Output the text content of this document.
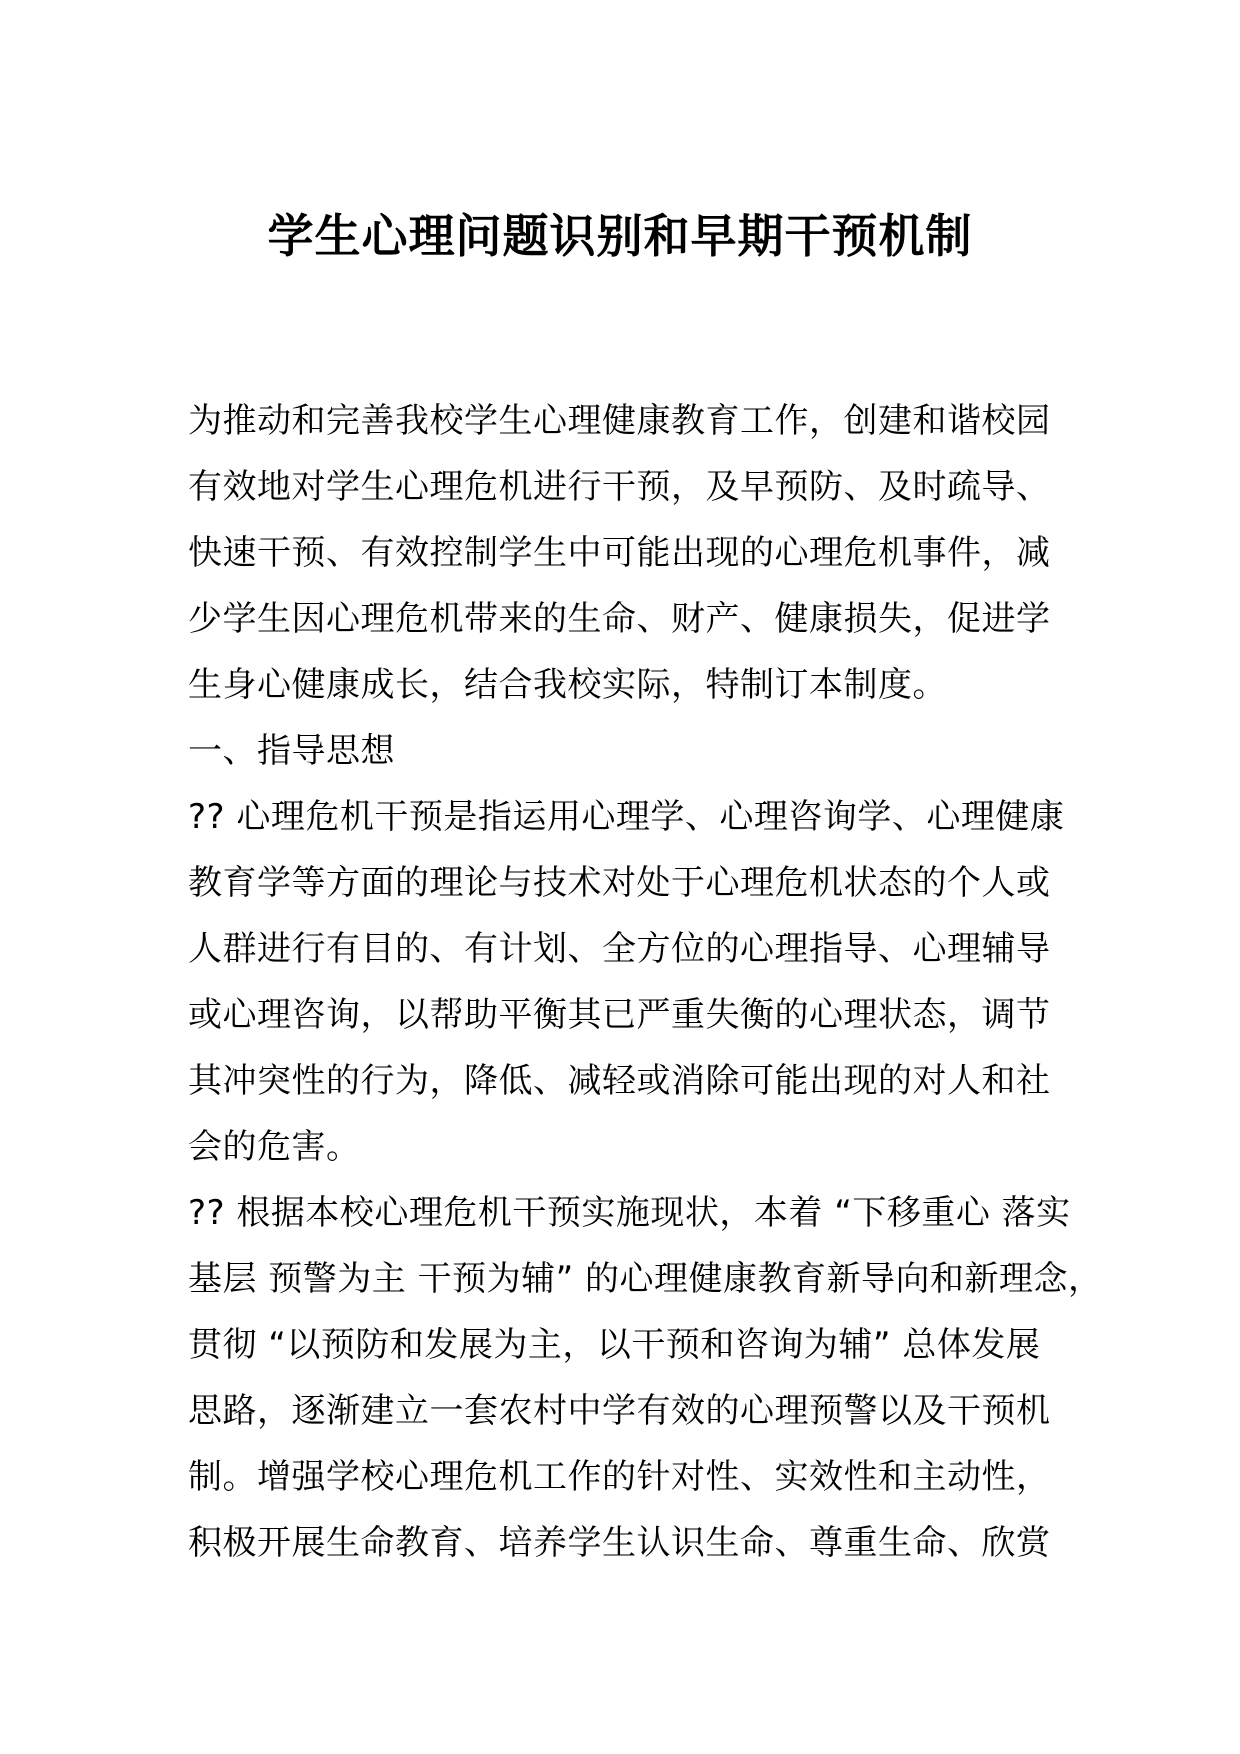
学生心理问题识别和早期干预机制
为推动和完善我校学生心理健康教育工作，创建和谐校园
有效地对学生心理危机进行干预，及早预防、及时疏导、
快速干预、有效控制学生中可能出现的心理危机事件，减
少学生因心理危机带来的生命、财产、健康损失，促进学
生身心健康成长，结合我校实际，特制订本制度。
一、指导思想
?? 心理危机干预是指运用心理学、心理咨询学、心理健康
教育学等方面的理论与技术对处于心理危机状态的个人或
人群进行有目的、有计划、全方位的心理指导、心理辅导
或心理咨询，以帮助平衡其已严重失衡的心理状态，调节
其冲突性的行为，降低、减轻或消除可能出现的对人和社
会的危害。
?? 根据本校心理危机干预实施现状，本着 “下移重心 落实
基层 预警为主 干预为辅” 的心理健康教育新导向和新理念，
贯彻 “以预防和发展为主，以干预和咨询为辅” 总体发展
思路，逐渐建立一套农村中学有效的心理预警以及干预机
制。增强学校心理危机工作的针对性、实效性和主动性，
积极开展生命教育、培养学生认识生命、尊重生命、欣赏
